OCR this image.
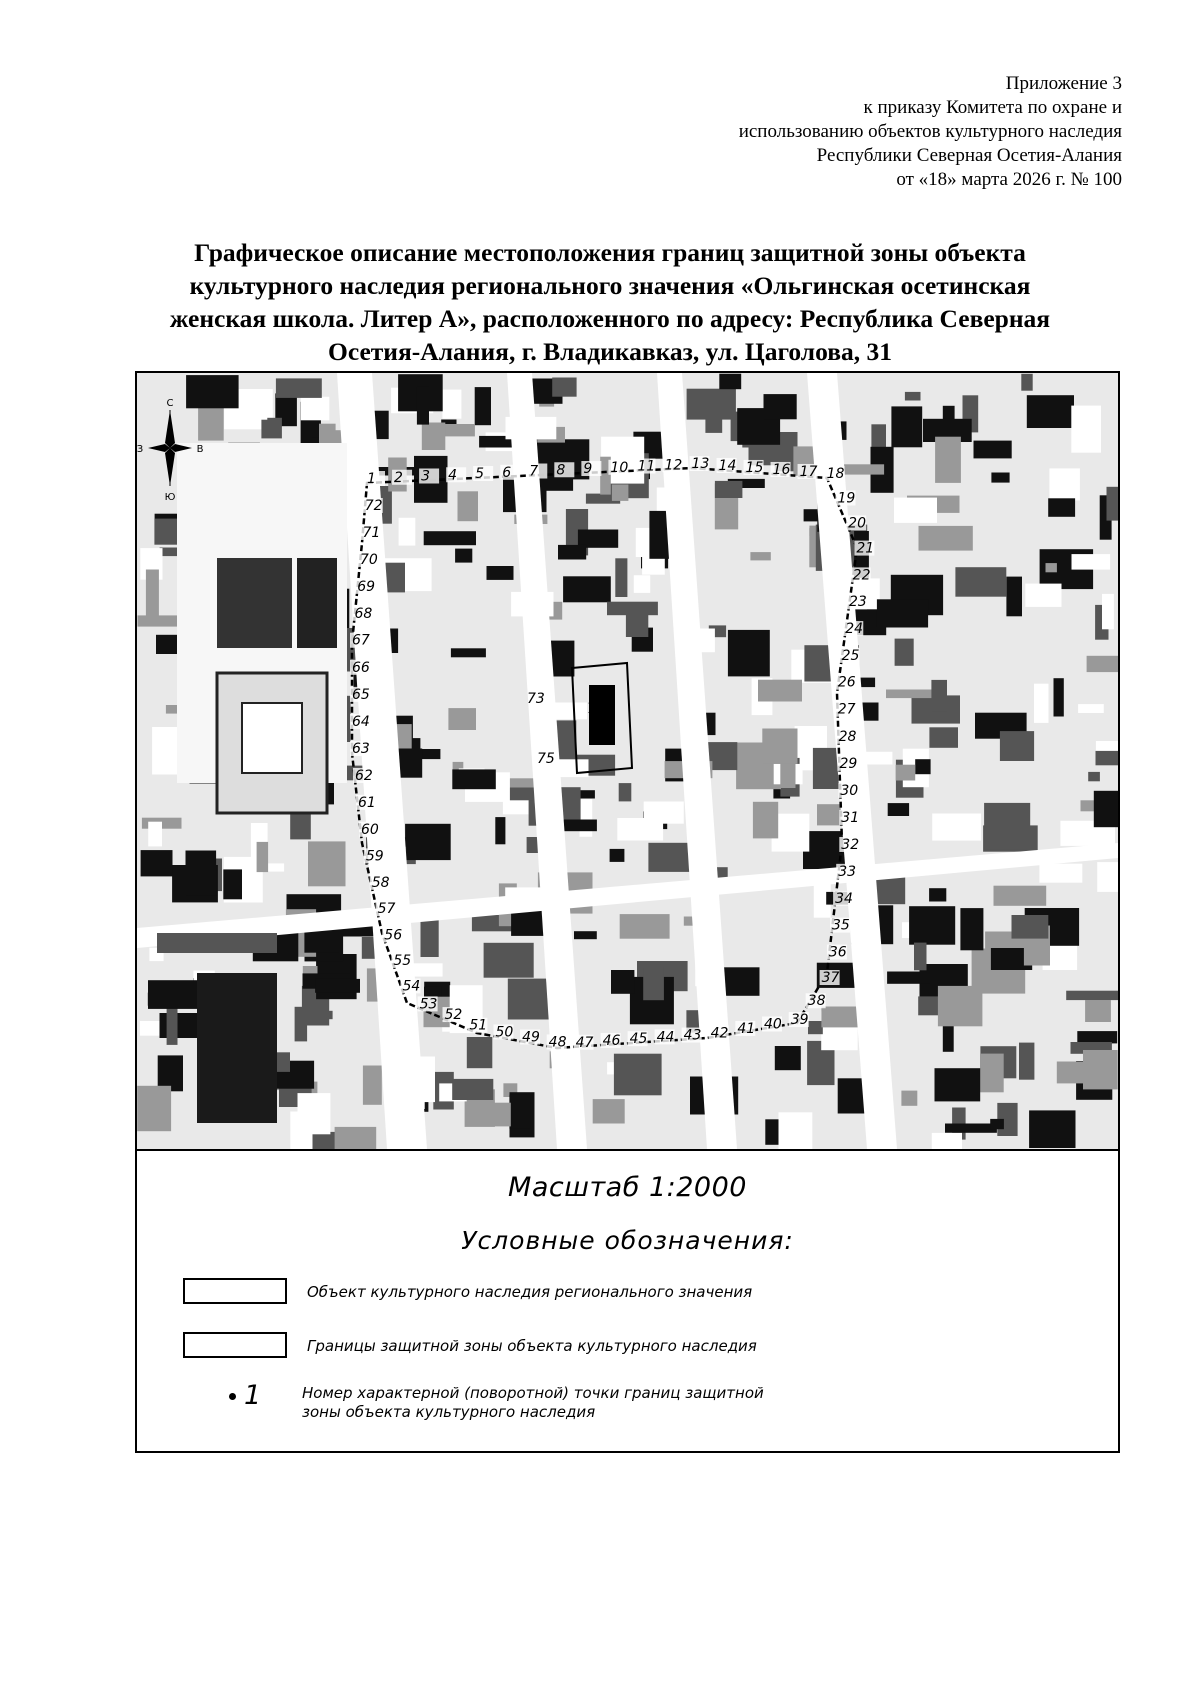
Приложение 3
к приказу Комитета по охране и
использованию объектов культурного наследия
Республики Северная Осетия-Алания
от «18» марта 2026 г. № 100
Графическое описание местоположения границ защитной зоны объекта
культурного наследия регионального значения «Ольгинская осетинская
женская школа. Литер А», расположенного по адресу: Республика Северная
Осетия-Алания, г. Владикавказ, ул. Цаголова, 31
С
Ю
З	В
1 2 3 4 5 6 7 8 9 10 11 12 13 14 15 16 17 18
19
20
21
22
23
24
25
26
27
28
29
30
31
32
33
34
35
36
37
38
39
40
41
42
43
44
45
46
47
48
49
50
51
52
53
54
55
56
57
58
59
60
61
62
63
64
65
66
67
68
69
70
71
72
73
74
75
Масштаб 1:2000
Условные обозначения:
Объект культурного наследия регионального значения
Границы защитной зоны объекта культурного наследия
1	Номер характерной (поворотной) точки границ защитной
зоны объекта культурного наследия
